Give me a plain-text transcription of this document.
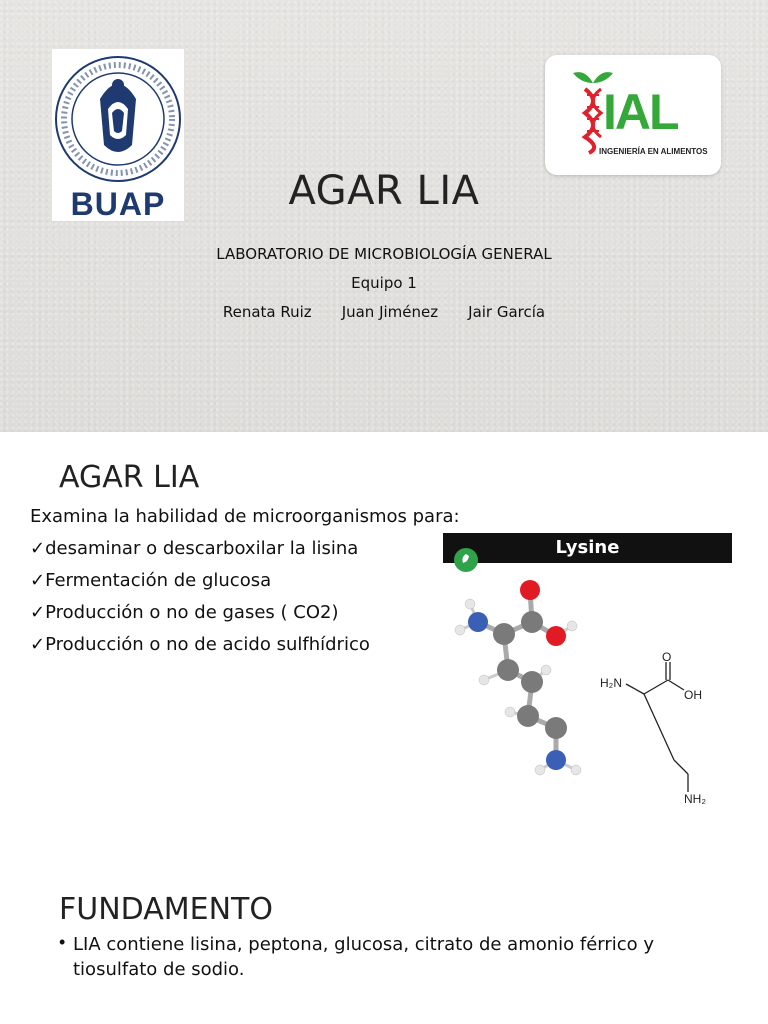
BUAP
IAL
INGENIERÍA EN ALIMENTOS
AGAR LIA
LABORATORIO DE MICROBIOLOGÍA GENERAL
Equipo 1
Renata Ruiz Juan Jiménez Jair García
AGAR LIA
Examina la habilidad de microorganismos para:
✓desaminar o descarboxilar la lisina
✓Fermentación de glucosa
✓Producción o no de gases ( CO2)
✓Producción o no de acido sulfhídrico
Lysine
H₂N
O
OH
NH₂
FUNDAMENTO
• LIA contiene lisina, peptona, glucosa, citrato de amonio férrico y tiosulfato de sodio.
